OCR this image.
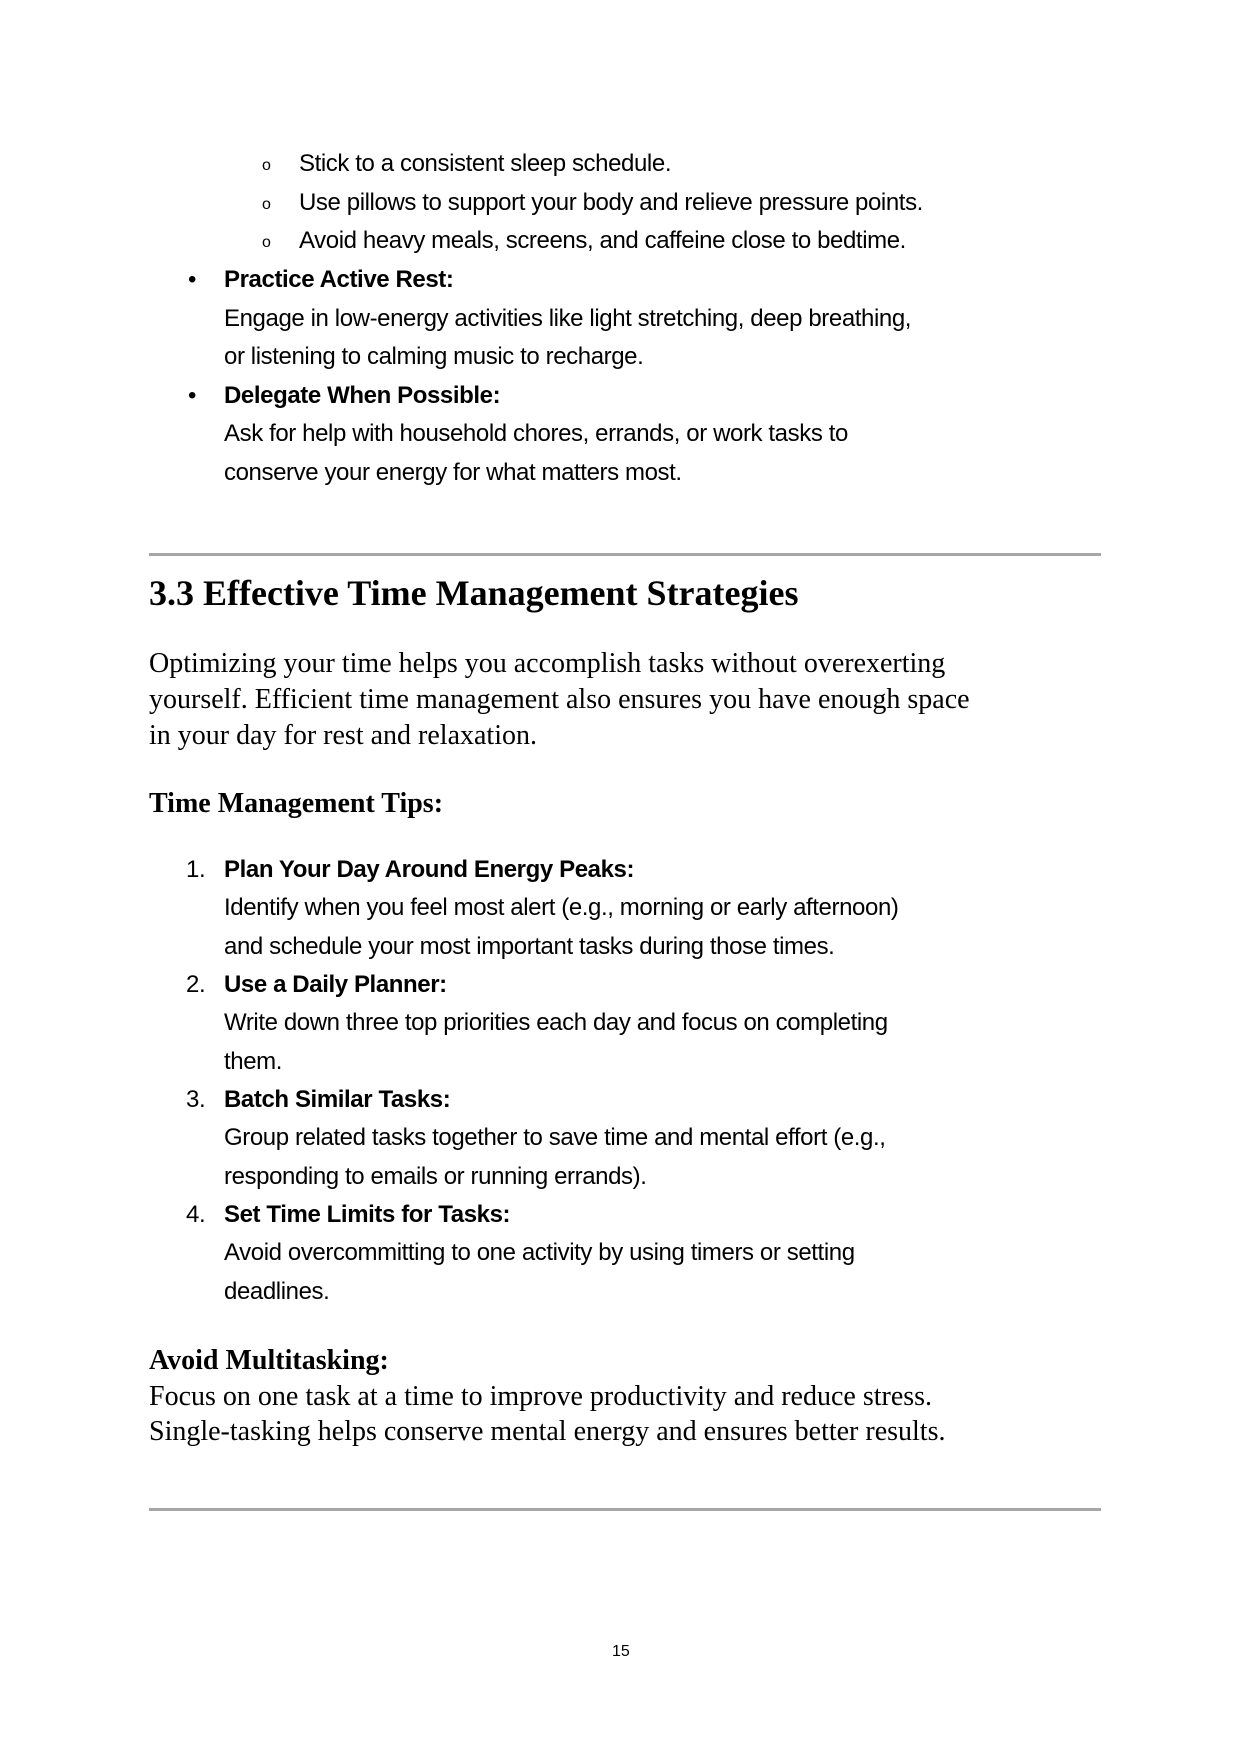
o Stick to a consistent sleep schedule.
o Use pillows to support your body and relieve pressure points.
o Avoid heavy meals, screens, and caffeine close to bedtime.
• Practice Active Rest:
Engage in low-energy activities like light stretching, deep breathing,
or listening to calming music to recharge.
• Delegate When Possible:
Ask for help with household chores, errands, or work tasks to
conserve your energy for what matters most.
3.3 Effective Time Management Strategies
Optimizing your time helps you accomplish tasks without overexerting
yourself. Efficient time management also ensures you have enough space
in your day for rest and relaxation.
Time Management Tips:
1. Plan Your Day Around Energy Peaks:
Identify when you feel most alert (e.g., morning or early afternoon)
and schedule your most important tasks during those times.
2. Use a Daily Planner:
Write down three top priorities each day and focus on completing
them.
3. Batch Similar Tasks:
Group related tasks together to save time and mental effort (e.g.,
responding to emails or running errands).
4. Set Time Limits for Tasks:
Avoid overcommitting to one activity by using timers or setting
deadlines.
Avoid Multitasking:
Focus on one task at a time to improve productivity and reduce stress.
Single-tasking helps conserve mental energy and ensures better results.
15
